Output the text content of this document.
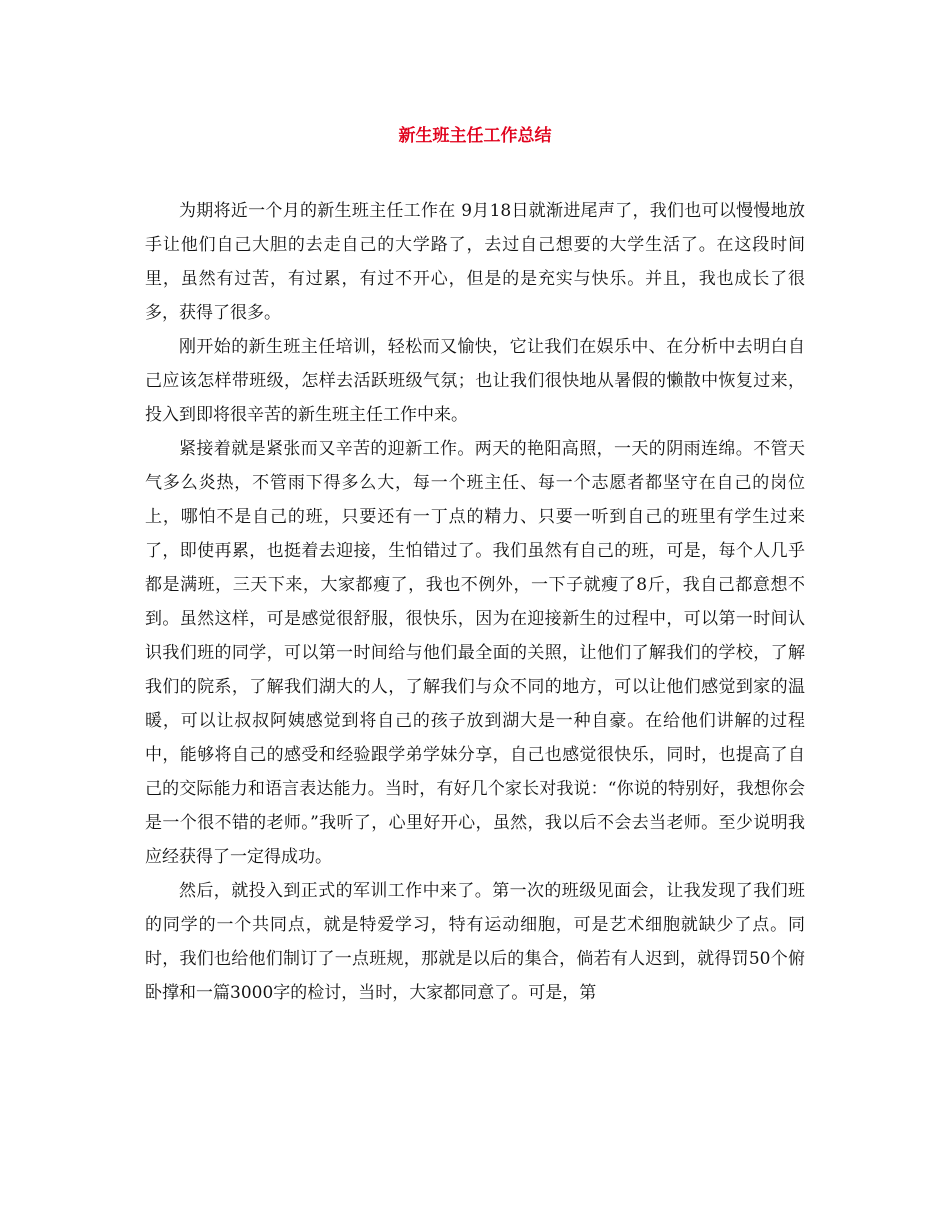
新生班主任工作总结

为期将近一个月的新生班主任工作在 9月18日就渐进尾声了，我们也可以慢慢地放手让他们自己大胆的去走自己的大学路了，去过自己想要的大学生活了。在这段时间里，虽然有过苦，有过累，有过不开心，但是的是充实与快乐。并且，我也成长了很多，获得了很多。

刚开始的新生班主任培训，轻松而又愉快，它让我们在娱乐中、在分析中去明白自己应该怎样带班级，怎样去活跃班级气氛；也让我们很快地从暑假的懒散中恢复过来，投入到即将很辛苦的新生班主任工作中来。

紧接着就是紧张而又辛苦的迎新工作。两天的艳阳高照，一天的阴雨连绵。不管天气多么炎热，不管雨下得多么大，每一个班主任、每一个志愿者都坚守在自己的岗位上，哪怕不是自己的班，只要还有一丁点的精力、只要一听到自己的班里有学生过来了，即使再累，也挺着去迎接，生怕错过了。我们虽然有自己的班，可是，每个人几乎都是满班，三天下来，大家都瘦了，我也不例外，一下子就瘦了8斤，我自己都意想不到。虽然这样，可是感觉很舒服，很快乐，因为在迎接新生的过程中，可以第一时间认识我们班的同学，可以第一时间给与他们最全面的关照，让他们了解我们的学校，了解我们的院系，了解我们湖大的人，了解我们与众不同的地方，可以让他们感觉到家的温暖，可以让叔叔阿姨感觉到将自己的孩子放到湖大是一种自豪。在给他们讲解的过程中，能够将自己的感受和经验跟学弟学妹分享，自己也感觉很快乐，同时，也提高了自己的交际能力和语言表达能力。当时，有好几个家长对我说：“你说的特别好，我想你会是一个很不错的老师。”我听了，心里好开心，虽然，我以后不会去当老师。至少说明我应经获得了一定得成功。

然后，就投入到正式的军训工作中来了。第一次的班级见面会，让我发现了我们班的同学的一个共同点，就是特爱学习，特有运动细胞，可是艺术细胞就缺少了点。同时，我们也给他们制订了一点班规，那就是以后的集合，倘若有人迟到，就得罚50个俯卧撑和一篇3000字的检讨，当时，大家都同意了。可是，第
